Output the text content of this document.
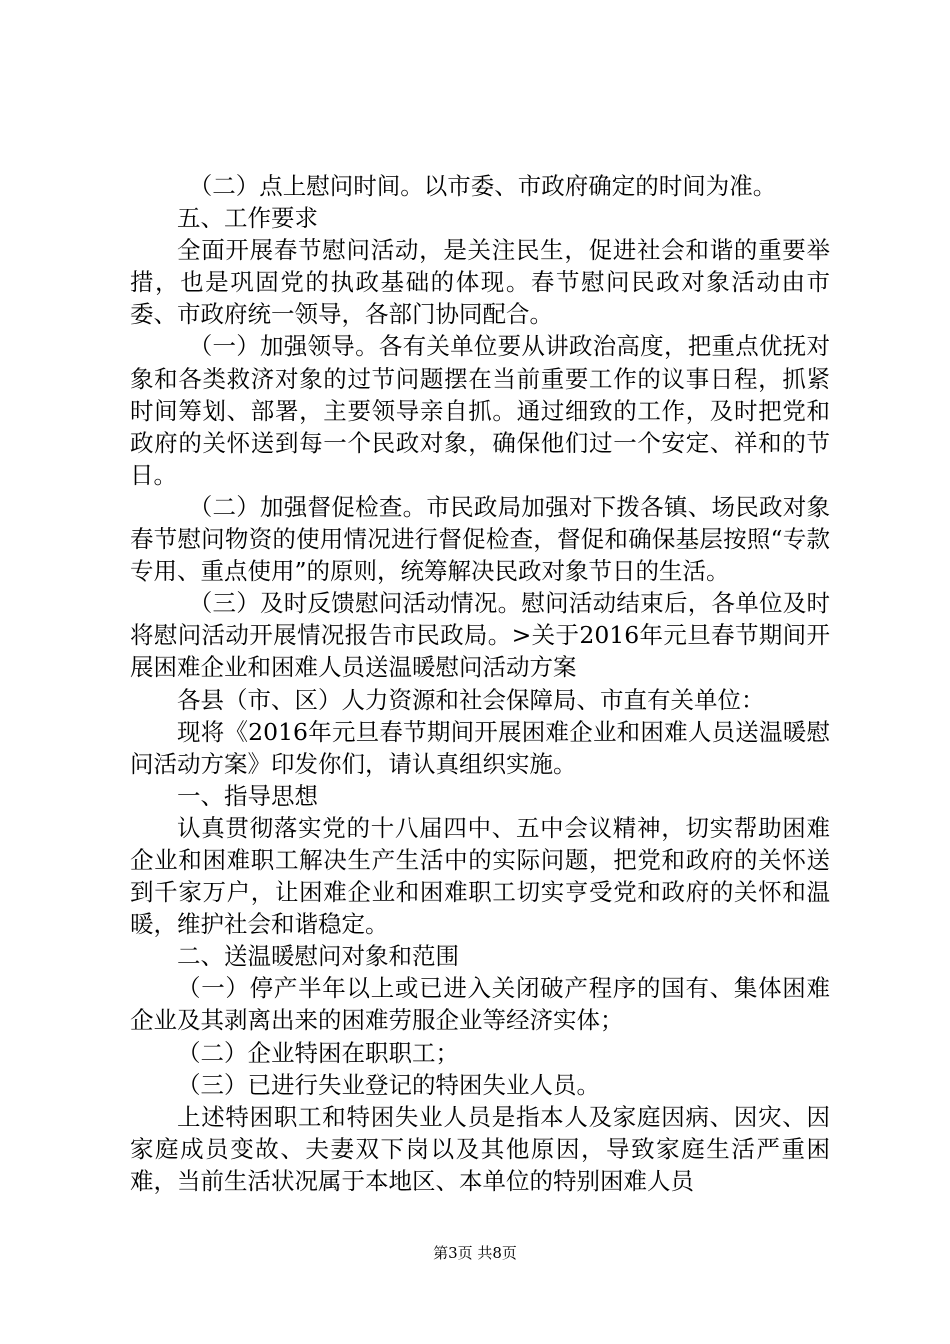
（二）点上慰问时间。以市委、市政府确定的时间为准。

五、工作要求

全面开展春节慰问活动，是关注民生，促进社会和谐的重要举措，也是巩固党的执政基础的体现。春节慰问民政对象活动由市委、市政府统一领导，各部门协同配合。

（一）加强领导。各有关单位要从讲政治高度，把重点优抚对象和各类救济对象的过节问题摆在当前重要工作的议事日程，抓紧时间筹划、部署，主要领导亲自抓。通过细致的工作，及时把党和政府的关怀送到每一个民政对象，确保他们过一个安定、祥和的节日。

（二）加强督促检查。市民政局加强对下拨各镇、场民政对象春节慰问物资的使用情况进行督促检查，督促和确保基层按照“专款专用、重点使用”的原则，统筹解决民政对象节日的生活。

（三）及时反馈慰问活动情况。慰问活动结束后，各单位及时将慰问活动开展情况报告市民政局。>关于2016年元旦春节期间开展困难企业和困难人员送温暖慰问活动方案

各县（市、区）人力资源和社会保障局、市直有关单位：

现将《2016年元旦春节期间开展困难企业和困难人员送温暖慰问活动方案》印发你们，请认真组织实施。

一、指导思想

认真贯彻落实党的十八届四中、五中会议精神，切实帮助困难企业和困难职工解决生产生活中的实际问题，把党和政府的关怀送到千家万户，让困难企业和困难职工切实亨受党和政府的关怀和温暖，维护社会和谐稳定。

二、送温暖慰问对象和范围

（一）停产半年以上或已进入关闭破产程序的国有、集体困难企业及其剥离出来的困难劳服企业等经济实体；

（二）企业特困在职职工；

（三）已进行失业登记的特困失业人员。

上述特困职工和特困失业人员是指本人及家庭因病、因灾、因家庭成员变故、夫妻双下岗以及其他原因，导致家庭生活严重困难，当前生活状况属于本地区、本单位的特别困难人员

第3页 共8页
